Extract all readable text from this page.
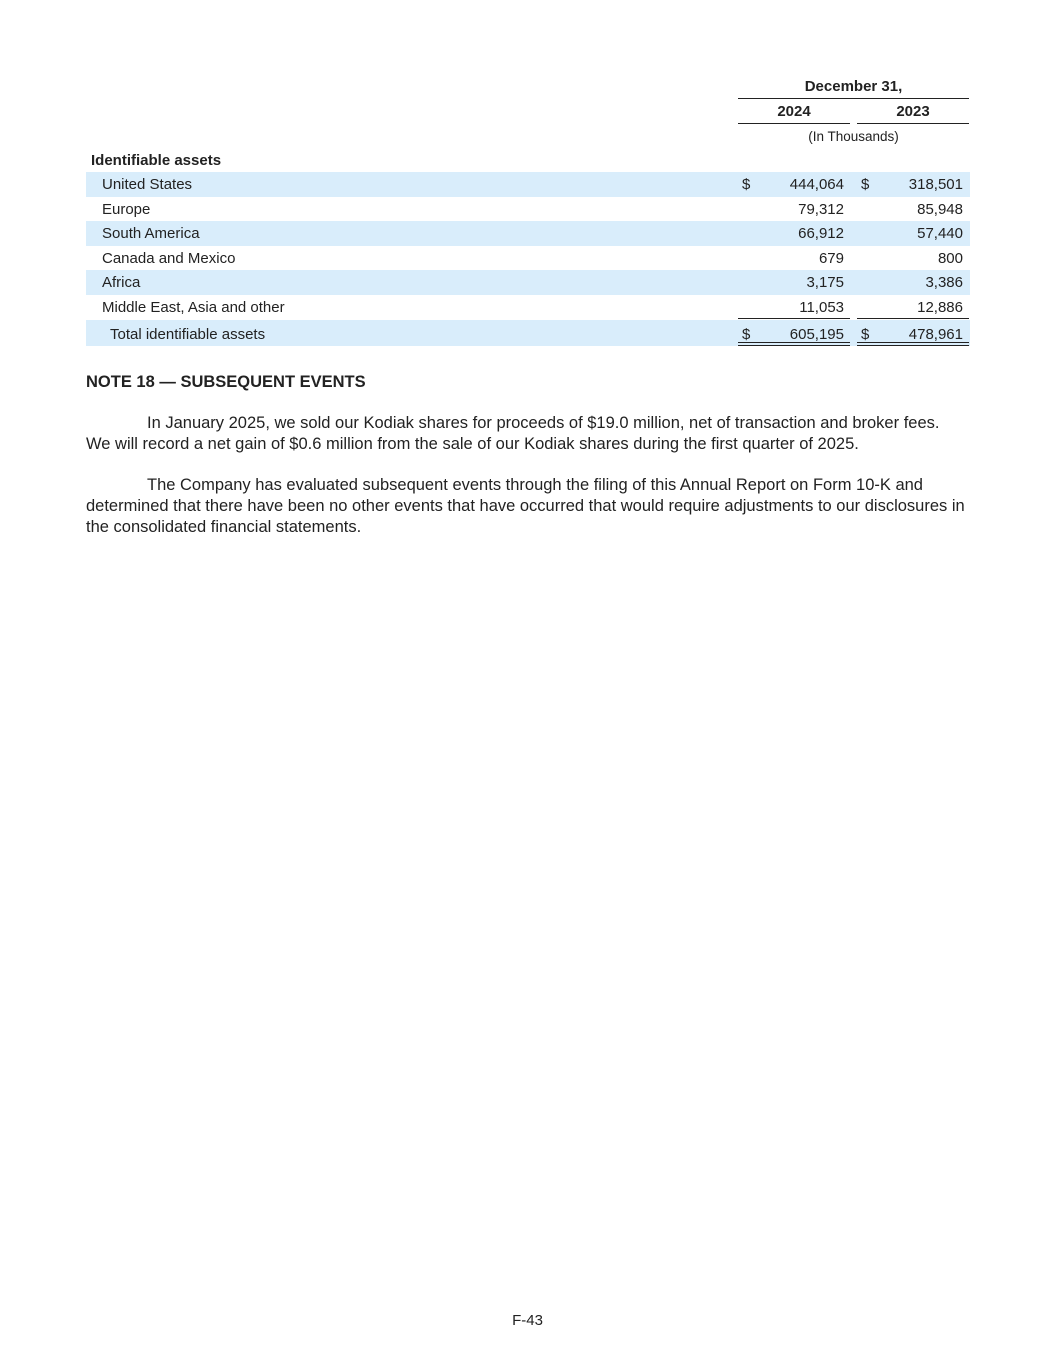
December 31,
2024	2023
(In Thousands)
Identifiable assets
United States	$	444,064 $	318,501
Europe	79,312	85,948
South America	66,912	57,440
Canada and Mexico	679	800
Africa	3,175	3,386
Middle East, Asia and other	11,053	12,886
Total identifiable assets	$	605,195 $	478,961
NOTE 18 — SUBSEQUENT EVENTS

In January 2025, we sold our Kodiak shares for proceeds of $19.0 million, net of transaction and broker fees. We will record a net gain of $0.6 million from the sale of our Kodiak shares during the first quarter of 2025.

The Company has evaluated subsequent events through the filing of this Annual Report on Form 10-K and determined that there have been no other events that have occurred that would require adjustments to our disclosures in the consolidated financial statements.

F-43
